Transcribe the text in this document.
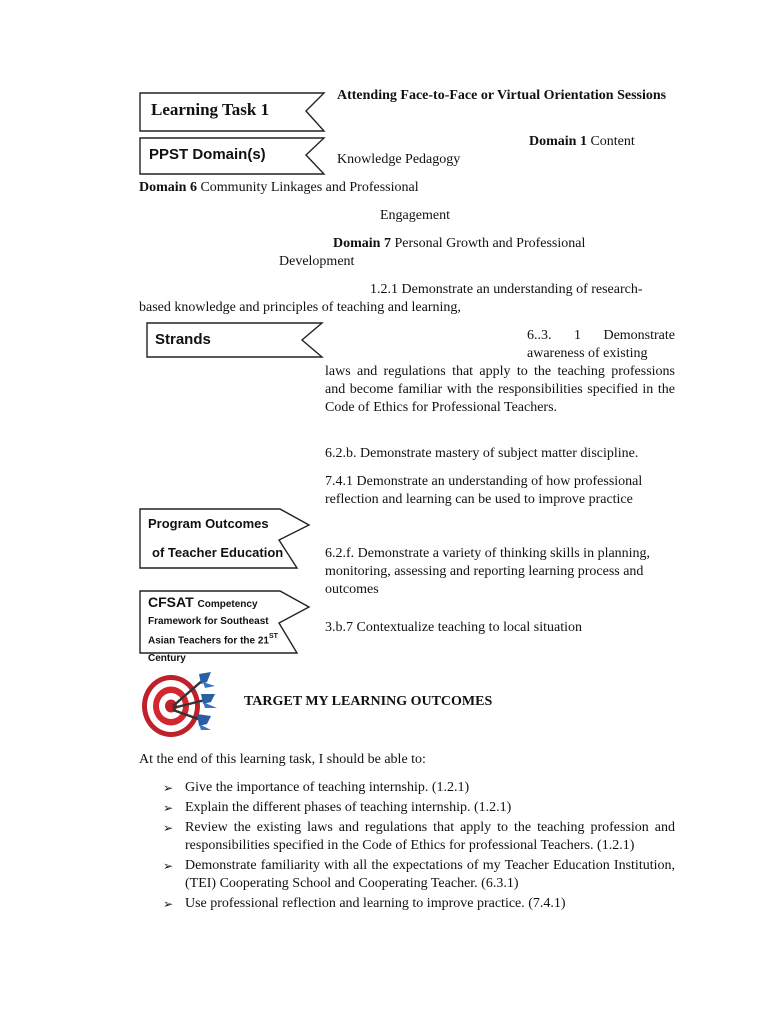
Learning Task 1
Attending Face-to-Face or Virtual Orientation Sessions
PPST Domain(s)
Domain 1 Content
Knowledge Pedagogy
Domain 6 Community Linkages and Professional
Engagement
Domain 7 Personal Growth and Professional
Development
1.2.1 Demonstrate an understanding of research-
based knowledge and principles of teaching and learning,
Strands	6..3. 1 Demonstrate awareness of existing
laws and regulations that apply to the teaching professions and become familiar with the responsibilities specified in the Code of Ethics for Professional Teachers.
6.2.b. Demonstrate mastery of subject matter discipline.
7.4.1 Demonstrate an understanding of how professional reflection and learning can be used to improve practice
6.2.f. Demonstrate a variety of thinking skills in planning, monitoring, assessing and reporting learning process and outcomes
3.b.7 Contextualize teaching to local situation
Program Outcomes
of Teacher Education
CFSAT Competency
Framework for Southeast
Asian Teachers for the 21ST
Century
TARGET MY LEARNING OUTCOMES
At the end of this learning task, I should be able to:
➢ Give the importance of teaching internship. (1.2.1)
➢ Explain the different phases of teaching internship. (1.2.1)
➢ Review the existing laws and regulations that apply to the teaching profession and responsibilities specified in the Code of Ethics for professional Teachers. (1.2.1)
➢ Demonstrate familiarity with all the expectations of my Teacher Education Institution, (TEI) Cooperating School and Cooperating Teacher. (6.3.1)
➢ Use professional reflection and learning to improve practice. (7.4.1)
